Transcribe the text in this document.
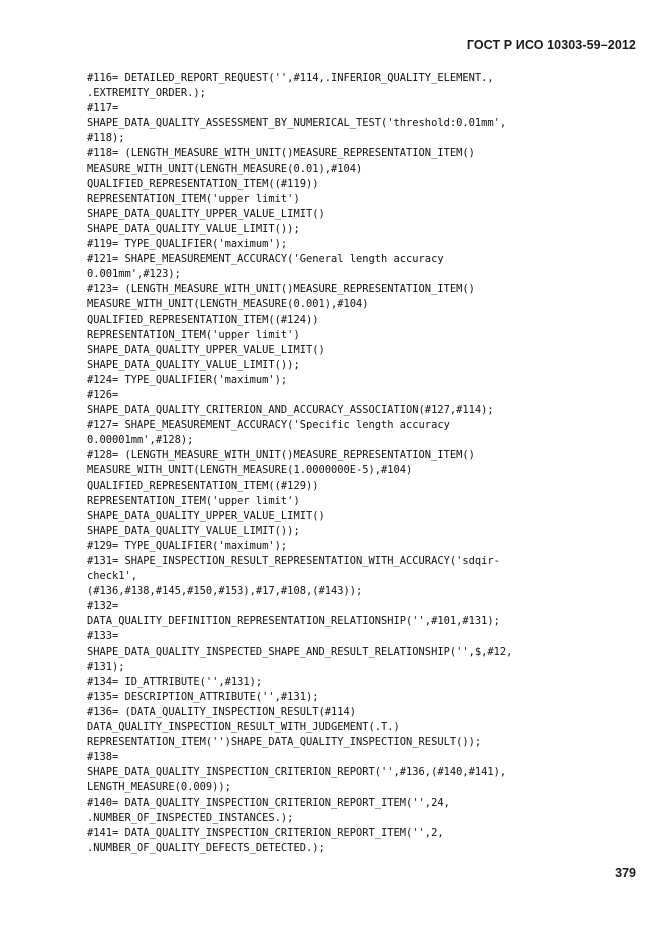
ГОСТ Р ИСО 10303-59–2012
#116= DETAILED_REPORT_REQUEST('',#114,.INFERIOR_QUALITY_ELEMENT.,
.EXTREMITY_ORDER.);
#117=
SHAPE_DATA_QUALITY_ASSESSMENT_BY_NUMERICAL_TEST('threshold:0.01mm',
#118);
#118= (LENGTH_MEASURE_WITH_UNIT()MEASURE_REPRESENTATION_ITEM()
MEASURE_WITH_UNIT(LENGTH_MEASURE(0.01),#104)
QUALIFIED_REPRESENTATION_ITEM((#119))
REPRESENTATION_ITEM('upper limit')
SHAPE_DATA_QUALITY_UPPER_VALUE_LIMIT()
SHAPE_DATA_QUALITY_VALUE_LIMIT());
#119= TYPE_QUALIFIER('maximum');
#121= SHAPE_MEASUREMENT_ACCURACY('General length accuracy
0.001mm',#123);
#123= (LENGTH_MEASURE_WITH_UNIT()MEASURE_REPRESENTATION_ITEM()
MEASURE_WITH_UNIT(LENGTH_MEASURE(0.001),#104)
QUALIFIED_REPRESENTATION_ITEM((#124))
REPRESENTATION_ITEM('upper limit')
SHAPE_DATA_QUALITY_UPPER_VALUE_LIMIT()
SHAPE_DATA_QUALITY_VALUE_LIMIT());
#124= TYPE_QUALIFIER('maximum');
#126=
SHAPE_DATA_QUALITY_CRITERION_AND_ACCURACY_ASSOCIATION(#127,#114);
#127= SHAPE_MEASUREMENT_ACCURACY('Specific length accuracy
0.00001mm',#128);
#128= (LENGTH_MEASURE_WITH_UNIT()MEASURE_REPRESENTATION_ITEM()
MEASURE_WITH_UNIT(LENGTH_MEASURE(1.0000000E-5),#104)
QUALIFIED_REPRESENTATION_ITEM((#129))
REPRESENTATION_ITEM('upper limit')
SHAPE_DATA_QUALITY_UPPER_VALUE_LIMIT()
SHAPE_DATA_QUALITY_VALUE_LIMIT());
#129= TYPE_QUALIFIER('maximum');
#131= SHAPE_INSPECTION_RESULT_REPRESENTATION_WITH_ACCURACY('sdqir-
check1',
(#136,#138,#145,#150,#153),#17,#108,(#143));
#132=
DATA_QUALITY_DEFINITION_REPRESENTATION_RELATIONSHIP('',#101,#131);
#133=
SHAPE_DATA_QUALITY_INSPECTED_SHAPE_AND_RESULT_RELATIONSHIP('',$,#12,
#131);
#134= ID_ATTRIBUTE('',#131);
#135= DESCRIPTION_ATTRIBUTE('',#131);
#136= (DATA_QUALITY_INSPECTION_RESULT(#114)
DATA_QUALITY_INSPECTION_RESULT_WITH_JUDGEMENT(.T.)
REPRESENTATION_ITEM('')SHAPE_DATA_QUALITY_INSPECTION_RESULT());
#138=
SHAPE_DATA_QUALITY_INSPECTION_CRITERION_REPORT('',#136,(#140,#141),
LENGTH_MEASURE(0.009));
#140= DATA_QUALITY_INSPECTION_CRITERION_REPORT_ITEM('',24,
.NUMBER_OF_INSPECTED_INSTANCES.);
#141= DATA_QUALITY_INSPECTION_CRITERION_REPORT_ITEM('',2,
.NUMBER_OF_QUALITY_DEFECTS_DETECTED.);
379
